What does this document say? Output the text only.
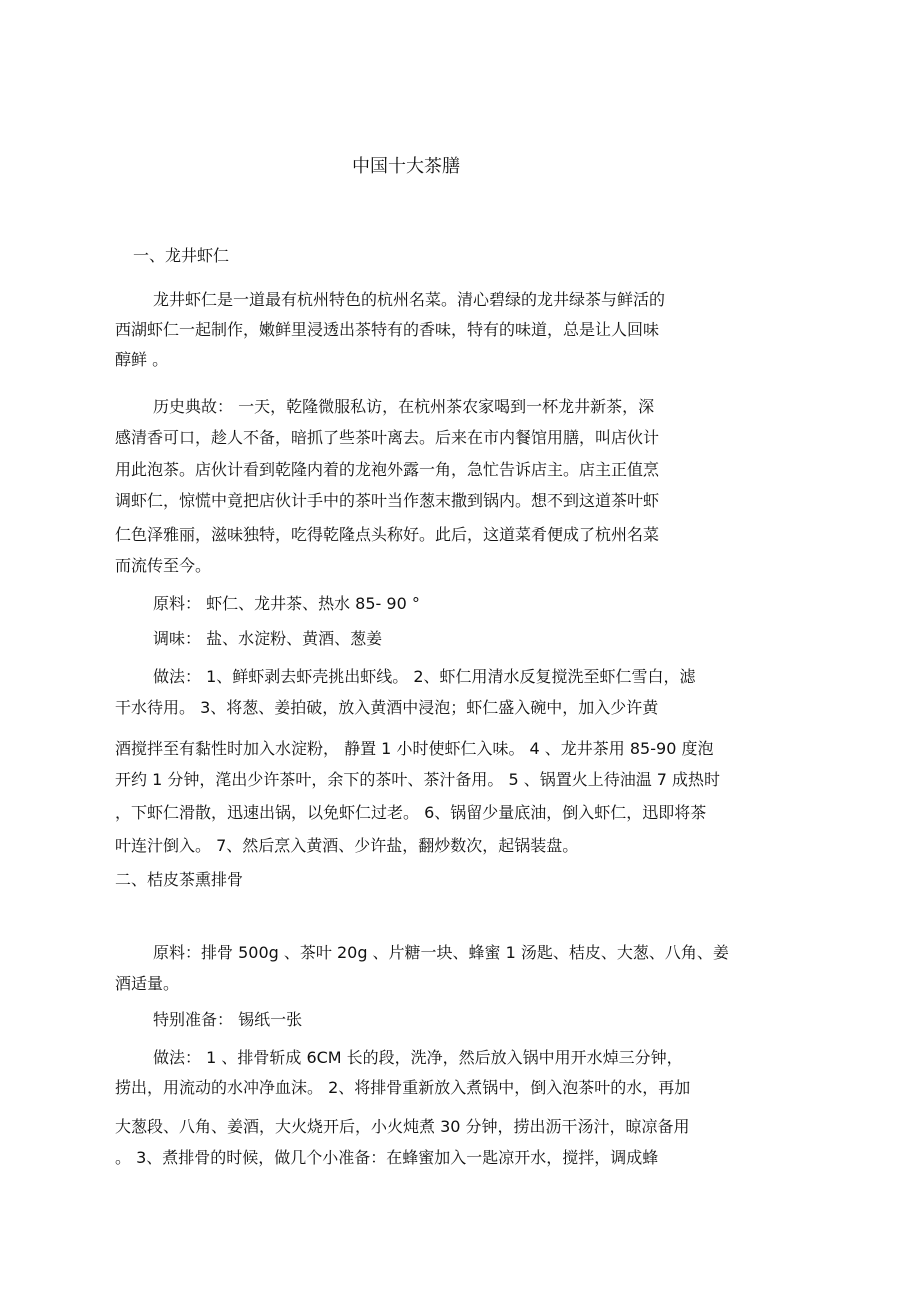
中国十大茶膳
一、龙井虾仁
龙井虾仁是一道最有杭州特色的杭州名菜。清心碧绿的龙井绿茶与鲜活的
西湖虾仁一起制作，嫩鲜里浸透出茶特有的香味，特有的味道，总是让人回味
醇鲜 。
历史典故： 一天，乾隆微服私访，在杭州茶农家喝到一杯龙井新茶，深
感清香可口，趁人不备，暗抓了些茶叶离去。后来在市内餐馆用膳，叫店伙计
用此泡茶。店伙计看到乾隆内着的龙袍外露一角，急忙告诉店主。店主正值烹
调虾仁，惊慌中竟把店伙计手中的茶叶当作葱末撒到锅内。想不到这道茶叶虾
仁色泽雅丽，滋味独特，吃得乾隆点头称好。此后，这道菜肴便成了杭州名菜
而流传至今。
原料： 虾仁、龙井茶、热水 85- 90 °
调味： 盐、水淀粉、黄酒、葱姜
做法： 1、鲜虾剥去虾壳挑出虾线。 2、虾仁用清水反复搅洗至虾仁雪白，滤
干水待用。 3、将葱、姜拍破，放入黄酒中浸泡；虾仁盛入碗中，加入少许黄
酒搅拌至有黏性时加入水淀粉， 静置 1 小时使虾仁入味。 4 、龙井茶用 85-90 度泡
开约 1 分钟，滗出少许茶叶，余下的茶叶、茶汁备用。 5 、锅置火上待油温 7 成热时
，下虾仁滑散，迅速出锅，以免虾仁过老。 6、锅留少量底油，倒入虾仁，迅即将茶
叶连汁倒入。 7、然后烹入黄酒、少许盐，翻炒数次，起锅装盘。
二、桔皮茶熏排骨
原料：排骨 500g 、茶叶 20g 、片糖一块、蜂蜜 1 汤匙、桔皮、大葱、八角、姜
酒适量。
特别准备： 锡纸一张
做法： 1 、排骨斩成 6CM 长的段，洗净，然后放入锅中用开水焯三分钟，
捞出，用流动的水冲净血沫。 2、将排骨重新放入煮锅中，倒入泡茶叶的水，再加
大葱段、八角、姜酒，大火烧开后，小火炖煮 30 分钟，捞出沥干汤汁，晾凉备用
。 3、煮排骨的时候，做几个小准备：在蜂蜜加入一匙凉开水，搅拌，调成蜂
